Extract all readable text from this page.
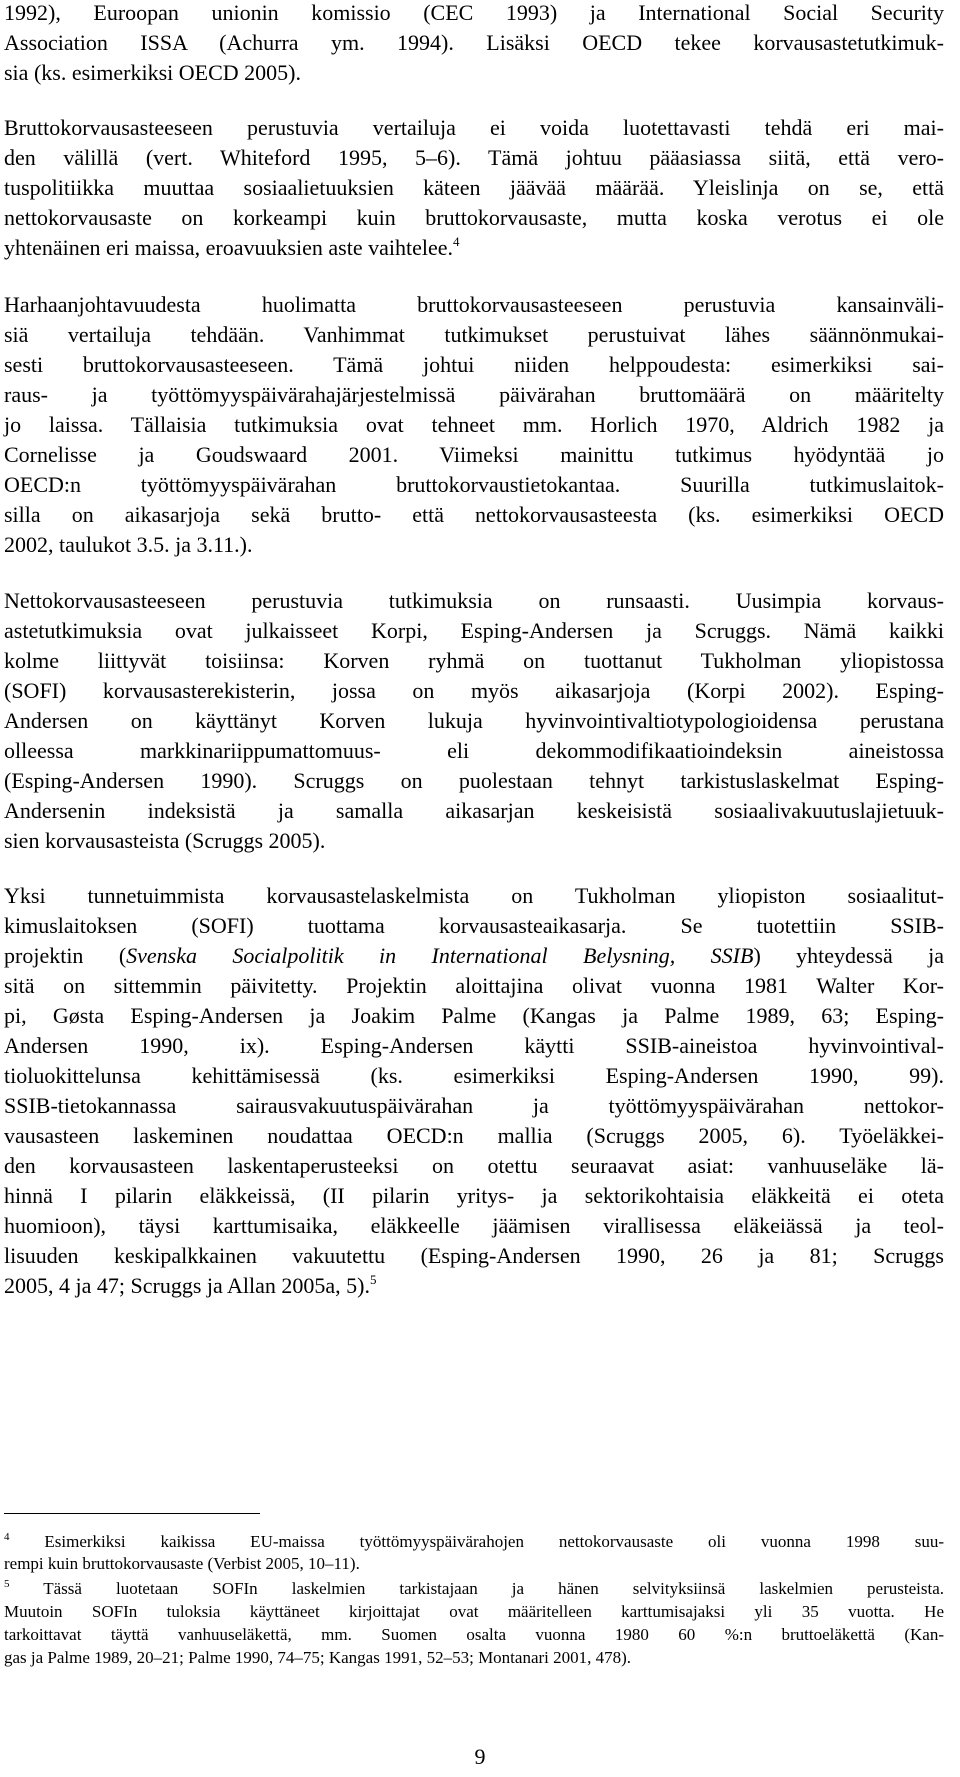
1992), Euroopan unionin komissio (CEC 1993) ja International Social Security
Association ISSA (Achurra ym. 1994). Lisäksi OECD tekee korvausastetutkimuk-
sia (ks. esimerkiksi OECD 2005).
Bruttokorvausasteeseen perustuvia vertailuja ei voida luotettavasti tehdä eri mai-
den välillä (vert. Whiteford 1995, 5–6). Tämä johtuu pääasiassa siitä, että vero-
tuspolitiikka muuttaa sosiaalietuuksien käteen jäävää määrää. Yleislinja on se, että
nettokorvausaste on korkeampi kuin bruttokorvausaste, mutta koska verotus ei ole
yhtenäinen eri maissa, eroavuuksien aste vaihtelee.$^4$
Harhaanjohtavuudesta huolimatta bruttokorvausasteeseen perustuvia kansainväli-
siä vertailuja tehdään. Vanhimmat tutkimukset perustuivat lähes säännönmukai-
sesti bruttokorvausasteeseen. Tämä johtui niiden helppoudesta: esimerkiksi sai-
raus- ja työttömyyspäivärahajärjestelmissä päivärahan bruttomäärä on määritelty
jo laissa. Tällaisia tutkimuksia ovat tehneet mm. Horlich 1970, Aldrich 1982 ja
Cornelisse ja Goudswaard 2001. Viimeksi mainittu tutkimus hyödyntää jo
OECD:n työttömyyspäivärahan bruttokorvaustietokantaa. Suurilla tutkimuslaitok-
silla on aikasarjoja sekä brutto- että nettokorvausasteesta (ks. esimerkiksi OECD
2002, taulukot 3.5. ja 3.11.).
Nettokorvausasteeseen perustuvia tutkimuksia on runsaasti. Uusimpia korvaus-
astetutkimuksia ovat julkaisseet Korpi, Esping-Andersen ja Scruggs. Nämä kaikki
kolme liittyvät toisiinsa: Korven ryhmä on tuottanut Tukholman yliopistossa
(SOFI) korvausasterekisterin, jossa on myös aikasarjoja (Korpi 2002). Esping-
Andersen on käyttänyt Korven lukuja hyvinvointivaltiotypologioidensa perustana
olleessa markkinariippumattomuus- eli dekommodifikaatioindeksin aineistossa
(Esping-Andersen 1990). Scruggs on puolestaan tehnyt tarkistuslaskelmat Esping-
Andersenin indeksistä ja samalla aikasarjan keskeisistä sosiaalivakuutuslajietuuk-
sien korvausasteista (Scruggs 2005).
Yksi tunnetuimmista korvausastelaskelmista on Tukholman yliopiston sosiaalitut-
kimuslaitoksen (SOFI) tuottama korvausasteaikasarja. Se tuotettiin SSIB-
projektin (Svenska Socialpolitik in International Belysning, SSIB) yhteydessä ja
sitä on sittemmin päivitetty. Projektin aloittajina olivat vuonna 1981 Walter Kor-
pi, Gøsta Esping-Andersen ja Joakim Palme (Kangas ja Palme 1989, 63; Esping-
Andersen 1990, ix). Esping-Andersen käytti SSIB-aineistoa hyvinvointival-
tioluokittelunsa kehittämisessä (ks. esimerkiksi Esping-Andersen 1990, 99).
SSIB-tietokannassa sairausvakuutuspäivärahan ja työttömyyspäivärahan nettokor-
vausasteen laskeminen noudattaa OECD:n mallia (Scruggs 2005, 6). Työeläkkei-
den korvausasteen laskentaperusteeksi on otettu seuraavat asiat: vanhuuseläke lä-
hinnä I pilarin eläkkeissä, (II pilarin yritys- ja sektorikohtaisia eläkkeitä ei oteta
huomioon), täysi karttumisaika, eläkkeelle jäämisen virallisessa eläkeiässä ja teol-
lisuuden keskipalkkainen vakuutettu (Esping-Andersen 1990, 26 ja 81; Scruggs
2005, 4 ja 47; Scruggs ja Allan 2005a, 5).$^5$
$^4$ Esimerkiksi kaikissa EU-maissa työttömyyspäivärahojen nettokorvausaste oli vuonna 1998 suu-
rempi kuin bruttokorvausaste (Verbist 2005, 10–11).
$^5$ Tässä luotetaan SOFIn laskelmien tarkistajaan ja hänen selvityksiinsä laskelmien perusteista.
Muutoin SOFIn tuloksia käyttäneet kirjoittajat ovat määritelleen karttumisajaksi yli 35 vuotta. He
tarkoittavat täyttä vanhuuseläkettä, mm. Suomen osalta vuonna 1980 60 %:n bruttoeläkettä (Kan-
gas ja Palme 1989, 20–21; Palme 1990, 74–75; Kangas 1991, 52–53; Montanari 2001, 478).
9
